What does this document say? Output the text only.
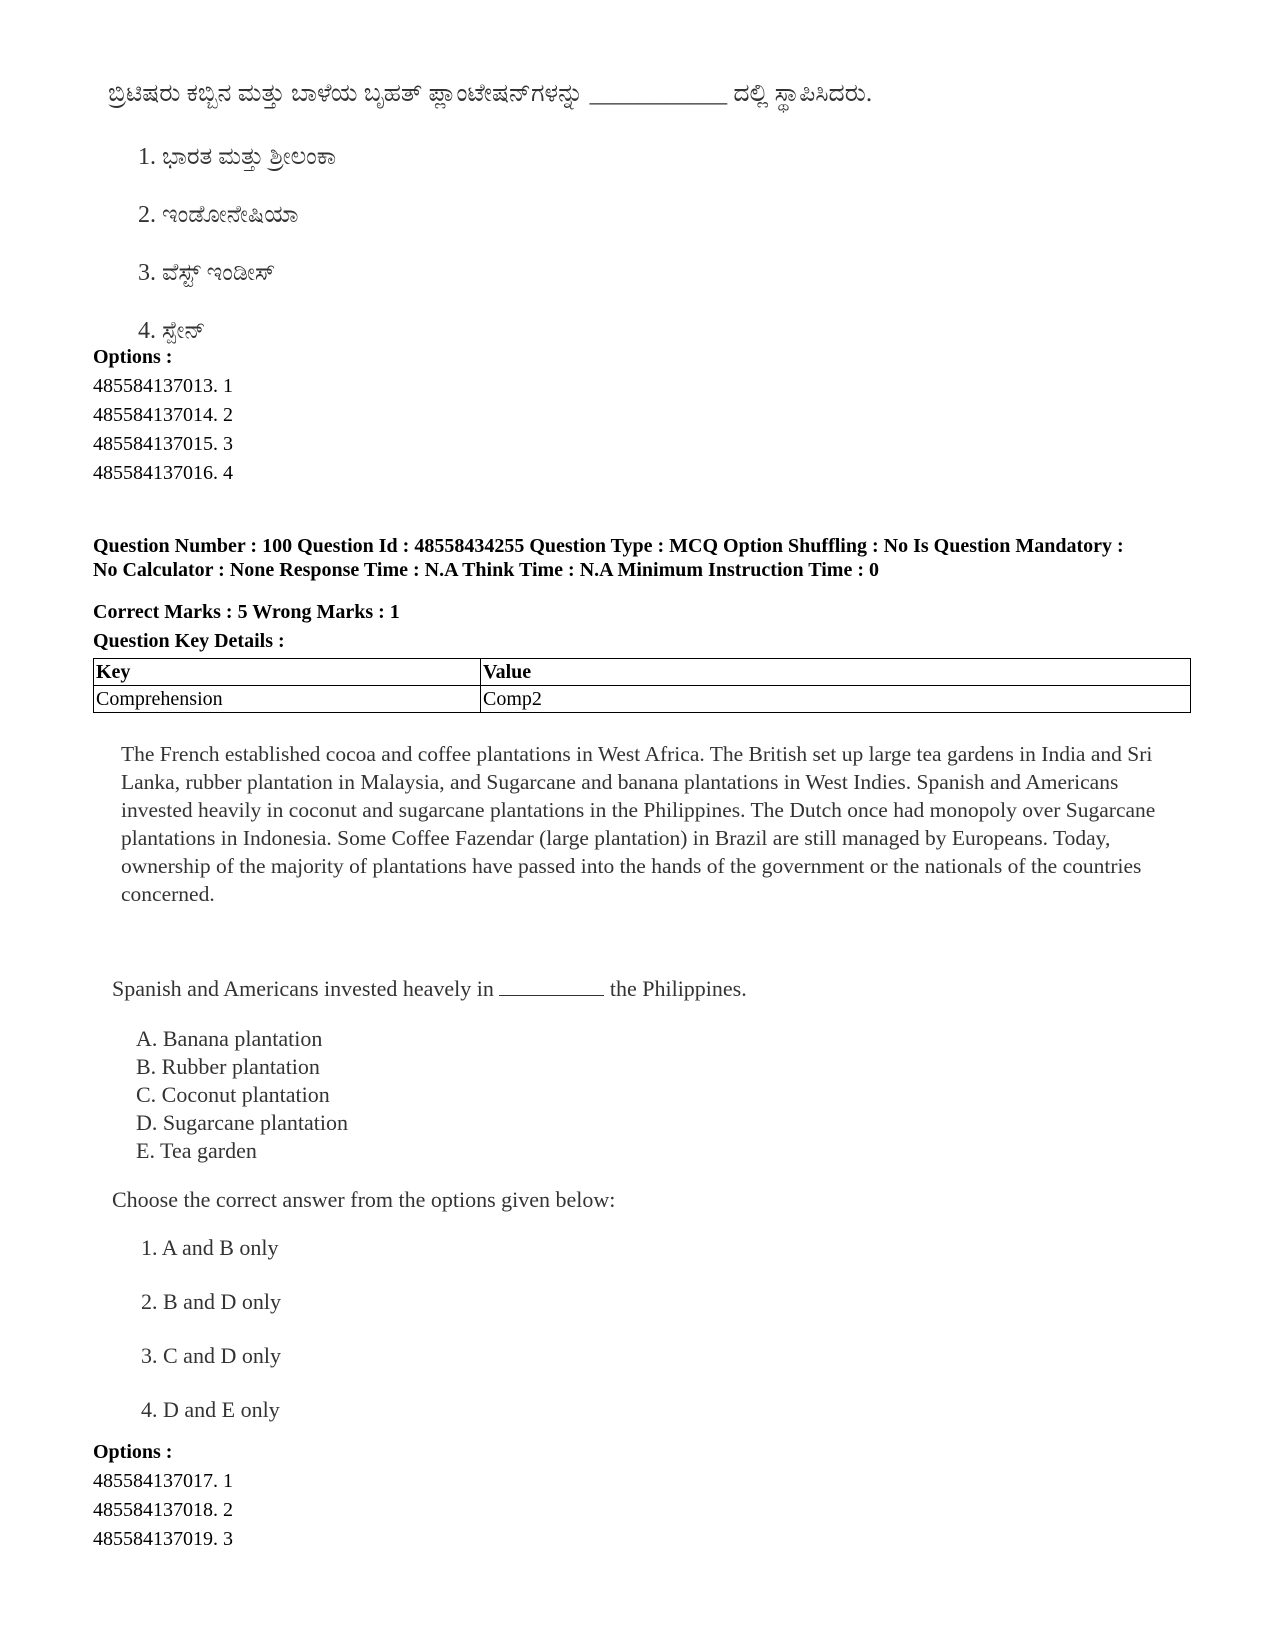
ಬ್ರಿಟಿಷರು ಕಬ್ಬಿನ ಮತ್ತು ಬಾಳೆಯ ಬೃಹತ್ ಪ್ಲಾಂಟೇಷನ್‌ಗಳನ್ನು ___________ ದಲ್ಲಿ ಸ್ಥಾಪಿಸಿದರು.

1. ಭಾರತ ಮತ್ತು ಶ್ರೀಲಂಕಾ
2. ಇಂಡೋನೇಷಿಯಾ
3. ವೆಸ್ಟ್ ಇಂಡೀಸ್
4. ಸ್ಪೇನ್
Options :
485584137013. 1
485584137014. 2
485584137015. 3
485584137016. 4
Question Number : 100 Question Id : 48558434255 Question Type : MCQ Option Shuffling : No Is Question Mandatory :
No Calculator : None Response Time : N.A Think Time : N.A Minimum Instruction Time : 0
Correct Marks : 5 Wrong Marks : 1
Question Key Details :
Key	Value
Comprehension	Comp2
The French established cocoa and coffee plantations in West Africa. The British set up large tea gardens in India and Sri Lanka, rubber plantation in Malaysia, and Sugarcane and banana plantations in West Indies. Spanish and Americans invested heavily in coconut and sugarcane plantations in the Philippines. The Dutch once had monopoly over Sugarcane plantations in Indonesia. Some Coffee Fazendar (large plantation) in Brazil are still managed by Europeans. Today, ownership of the majority of plantations have passed into the hands of the government or the nationals of the countries concerned.
Spanish and Americans invested heavely in	the Philippines.
A. Banana plantation
B. Rubber plantation
C. Coconut plantation
D. Sugarcane plantation
E. Tea garden
Choose the correct answer from the options given below:
1. A and B only
2. B and D only
3. C and D only
4. D and E only
Options :
485584137017. 1
485584137018. 2
485584137019. 3
